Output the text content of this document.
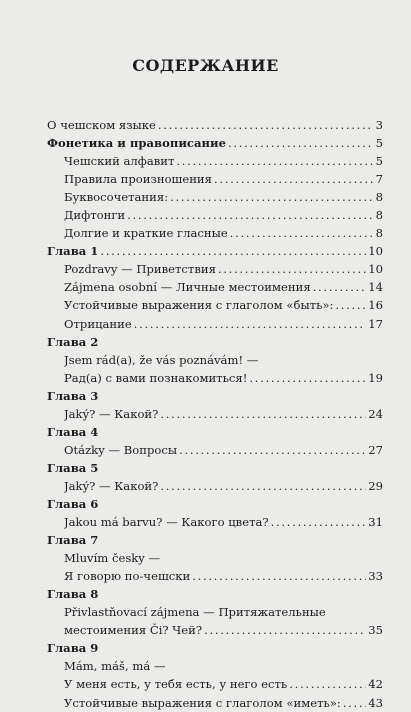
СОДЕРЖАНИЕ
О чешском языке . . .	3
Фонетика и правописание . . .	5
Чешский алфавит . . .	5
Правила произношения . . .	7
Буквосочетания: . . .	8
Дифтонги . . .	8
Долгие и краткие гласные . . .	8
Глава 1 . . .	10
Pozdravy — Приветствия . . .	10
Zájmena osobní — Личные местоимения . . .	14
Устойчивые выражения с глаголом «быть»: . . .	16
Отрицание . . .	17
Глава 2
Jsem rád(a), že vás poznávám! —
Рад(а) с вами познакомиться! . . .	19
Глава 3
Jaký? — Какой? . . .	24
Глава 4
Otázky — Вопросы . . .	27
Глава 5
Jaký? — Какой? . . .	29
Глава 6
Jakou má barvu? — Какого цвета? . . .	31
Глава 7
Mluvím česky —
Я говорю по-чешски . . .	33
Глава 8
Přivlastňovací zájmena — Притяжательные
местоимения Či? Чей? . . .	35
Глава 9
Mám, máš, má —
У меня есть, у тебя есть, у него есть . . .	42
Устойчивые выражения с глаголом «иметь»: . . . 43
